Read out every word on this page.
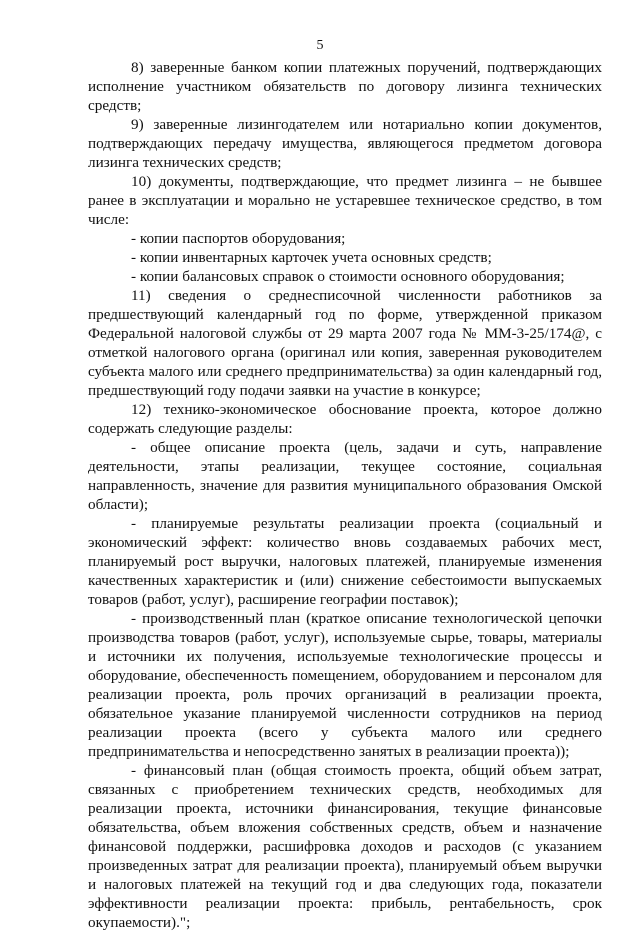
5

8) заверенные банком копии платежных поручений, подтверждающих исполнение участником обязательств по договору лизинга технических средств;

9) заверенные лизингодателем или нотариально копии документов, подтверждающих передачу имущества, являющегося предметом договора лизинга технических средств;

10) документы, подтверждающие, что предмет лизинга – не бывшее ранее в эксплуатации и морально не устаревшее техническое средство, в том числе:

- копии паспортов оборудования;

- копии инвентарных карточек учета основных средств;

- копии балансовых справок о стоимости основного оборудования;

11) сведения о среднесписочной численности работников за предшествующий календарный год по форме, утвержденной приказом Федеральной налоговой службы от 29 марта 2007 года № ММ-3-25/174@, с отметкой налогового органа (оригинал или копия, заверенная руководителем субъекта малого или среднего предпринимательства) за один календарный год, предшествующий году подачи заявки на участие в конкурсе;

12) технико-экономическое обоснование проекта, которое должно содержать следующие разделы:

- общее описание проекта (цель, задачи и суть, направление деятельности, этапы реализации, текущее состояние, социальная направленность, значение для развития муниципального образования Омской области);

- планируемые результаты реализации проекта (социальный и экономический эффект: количество вновь создаваемых рабочих мест, планируемый рост выручки, налоговых платежей, планируемые изменения качественных характеристик и (или) снижение себестоимости выпускаемых товаров (работ, услуг), расширение географии поставок);

- производственный план (краткое описание технологической цепочки производства товаров (работ, услуг), используемые сырье, товары, материалы и источники их получения, используемые технологические процессы и оборудование, обеспеченность помещением, оборудованием и персоналом для реализации проекта, роль прочих организаций в реализации проекта, обязательное указание планируемой численности сотрудников на период реализации проекта (всего у субъекта малого или среднего предпринимательства и непосредственно занятых в реализации проекта));

- финансовый план (общая стоимость проекта, общий объем затрат, связанных с приобретением технических средств, необходимых для реализации проекта, источники финансирования, текущие финансовые обязательства, объем вложения собственных средств, объем и назначение финансовой поддержки, расшифровка доходов и расходов (с указанием произведенных затрат для реализации проекта), планируемый объем выручки и налоговых платежей на текущий год и два следующих года, показатели эффективности реализации проекта: прибыль, рентабельность, срок окупаемости).";
